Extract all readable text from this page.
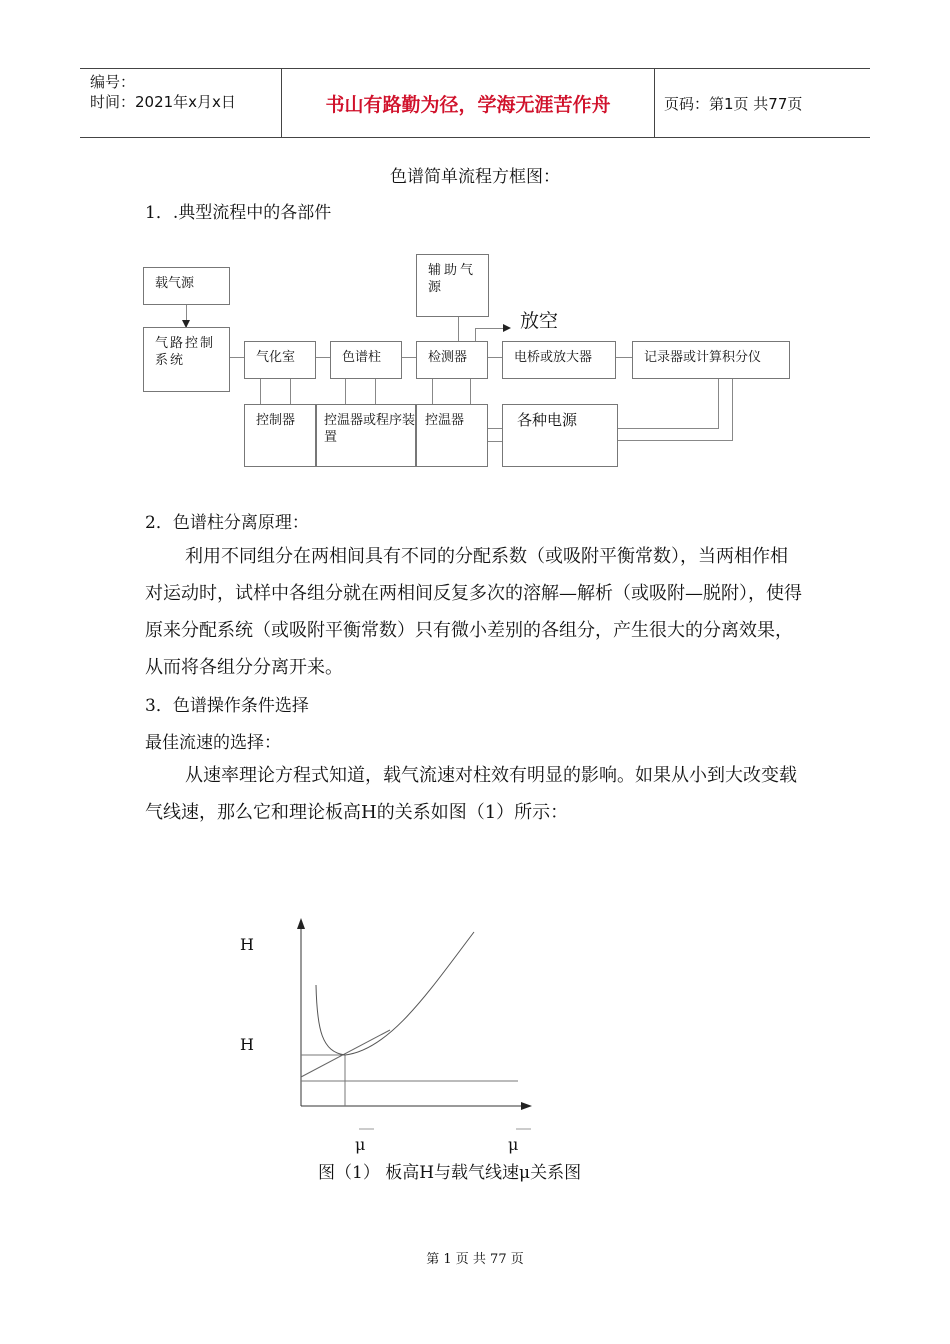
编号：
时间：2021年x月x日	书山有路勤为径，学海无涯苦作舟	页码：第1页 共77页
色谱简单流程方框图：
1．.典型流程中的各部件
载气源
辅助气源
放空
气路控制系统	气化室	色谱柱	检测器	电桥或放大器	记录器或计算积分仪
控制器	控温器或程序装置
控温器	各种电源
2．色谱柱分离原理：

利用不同组分在两相间具有不同的分配系数（或吸附平衡常数），当两相作相对运动时，试样中各组分就在两相间反复多次的溶解—解析（或吸附—脱附），使得原来分配系统（或吸附平衡常数）只有微小差别的各组分，产生很大的分离效果，从而将各组分分离开来。

3．色谱操作条件选择
最佳流速的选择：

从速率理论方程式知道，载气流速对柱效有明显的影响。如果从小到大改变载气线速，那么它和理论板高H的关系如图（1）所示：

H
H
μ	μ
图（1） 板高H与载气线速μ关系图
第 1 页 共 77 页
